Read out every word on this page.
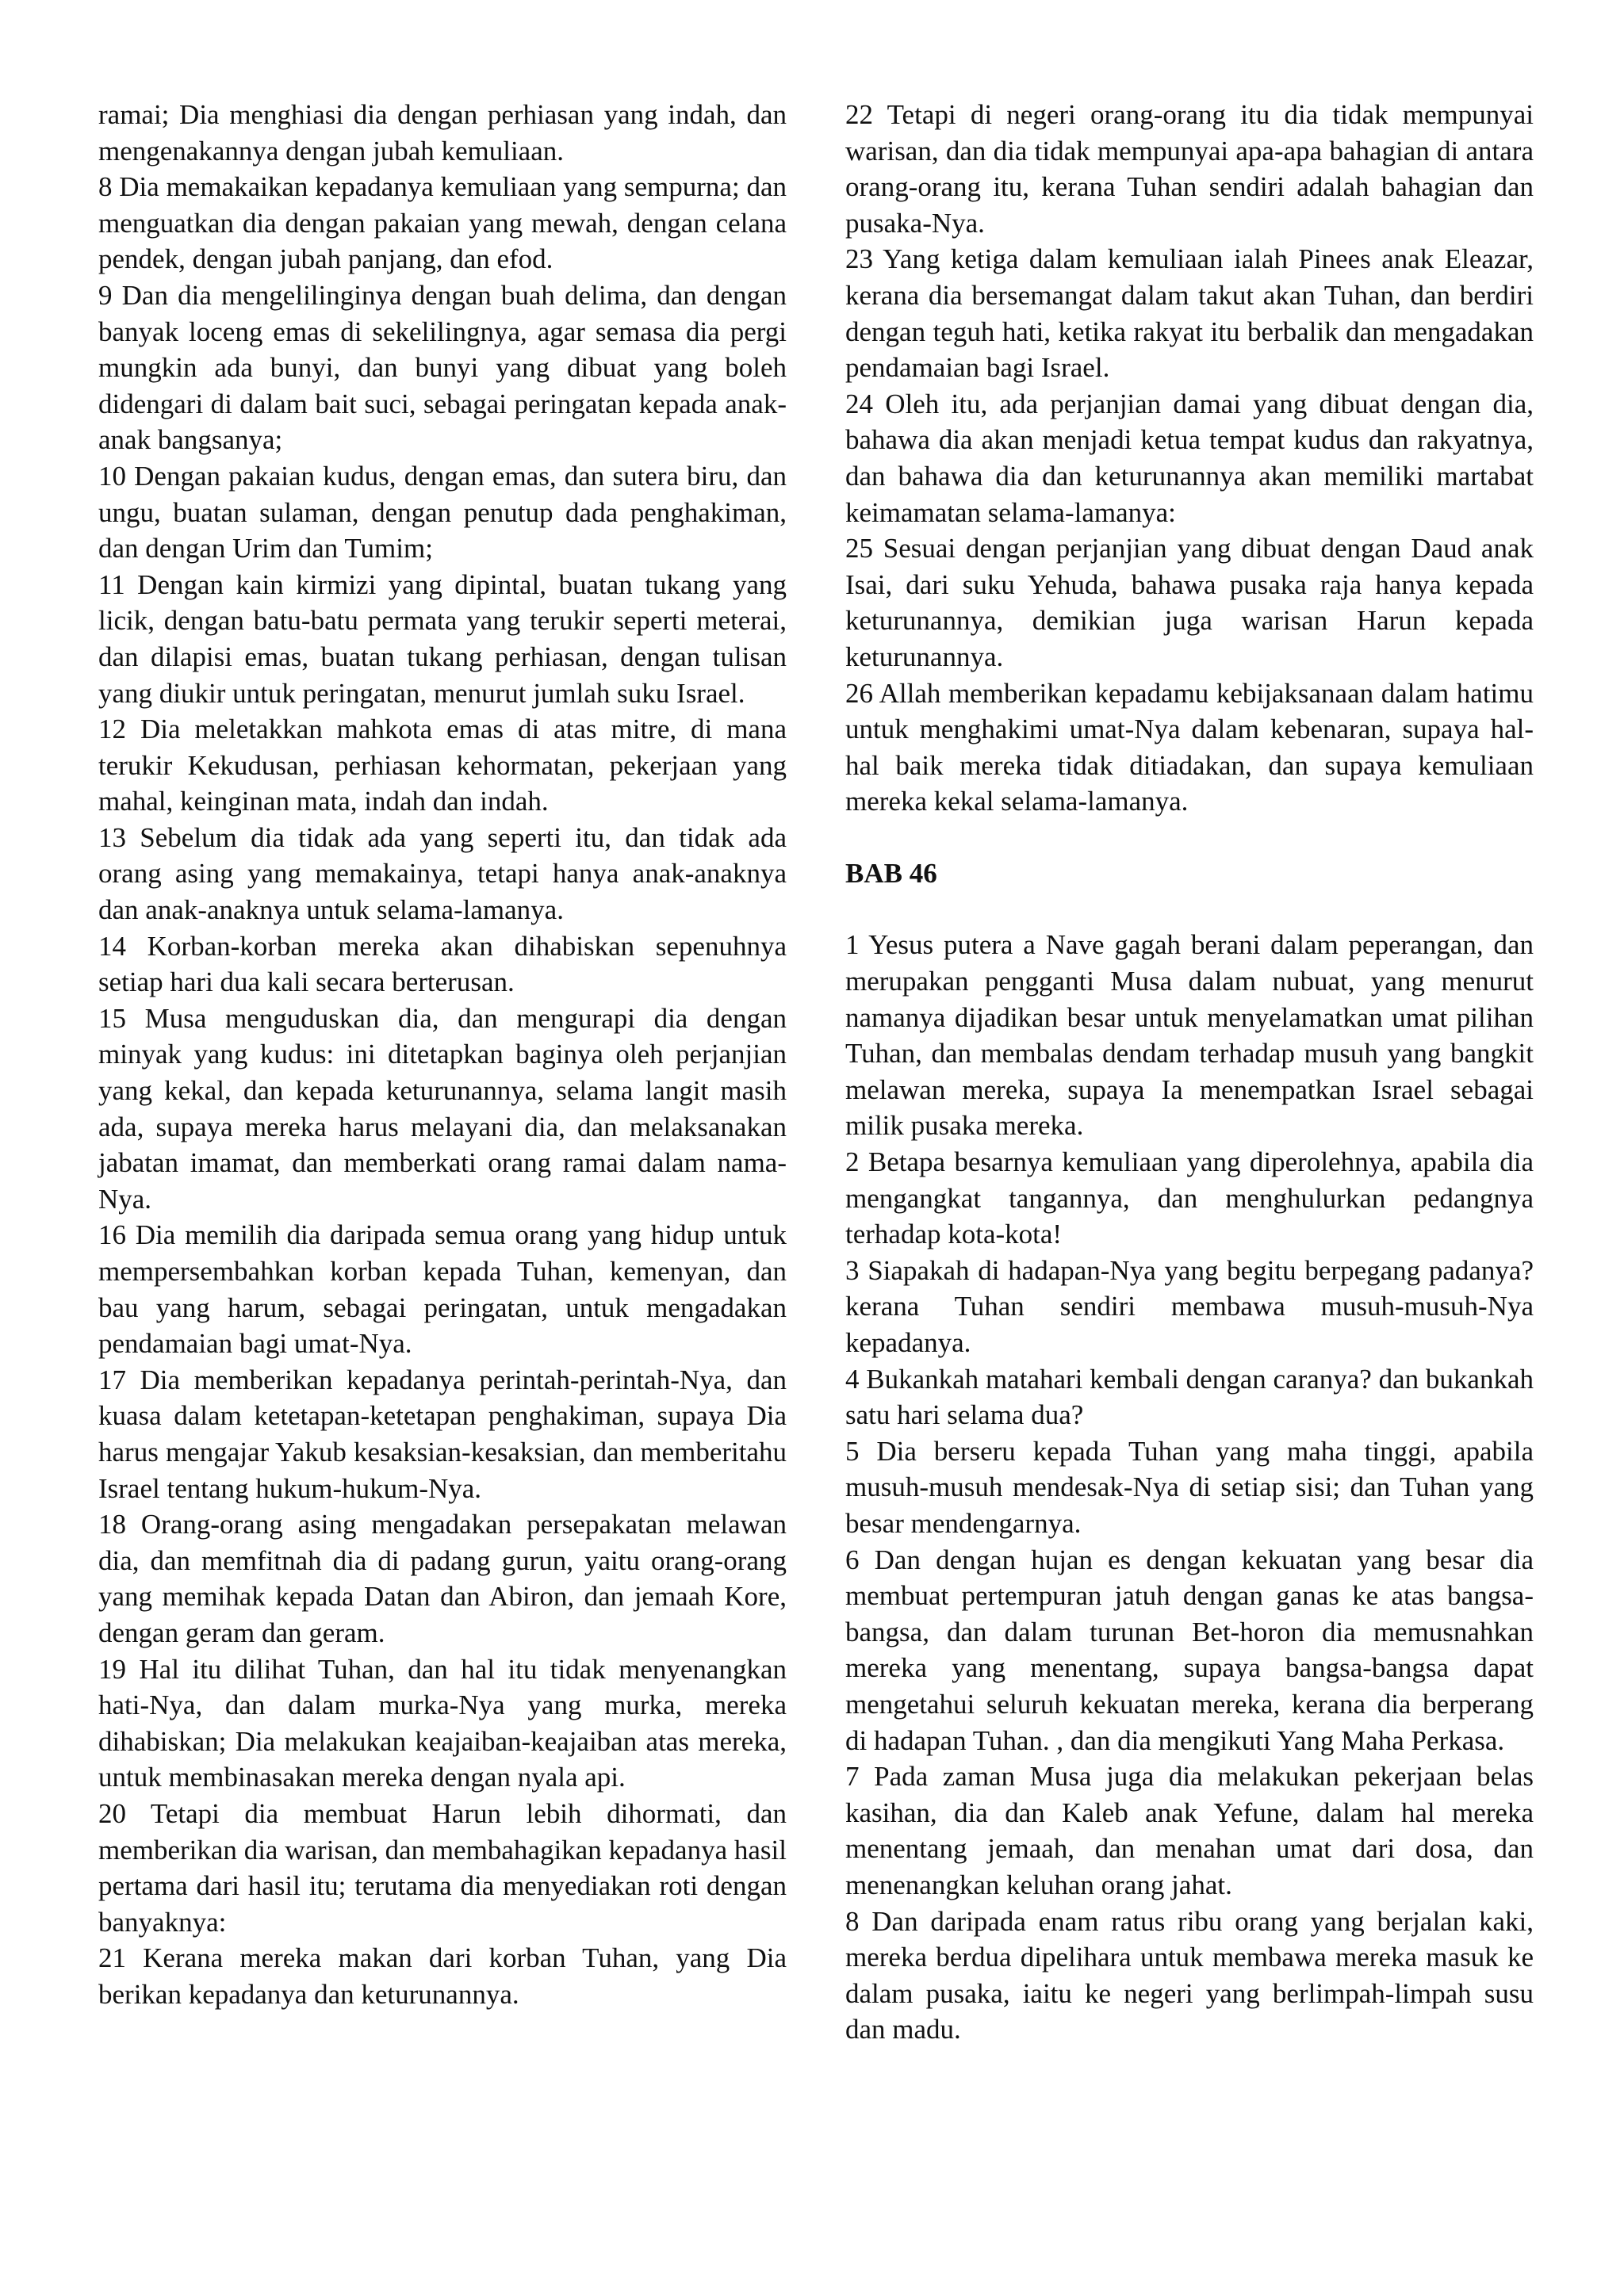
ramai; Dia menghiasi dia dengan perhiasan yang indah, dan mengenakannya dengan jubah kemuliaan.

8 Dia memakaikan kepadanya kemuliaan yang sempurna; dan menguatkan dia dengan pakaian yang mewah, dengan celana pendek, dengan jubah panjang, dan efod.

9 Dan dia mengelilinginya dengan buah delima, dan dengan banyak loceng emas di sekelilingnya, agar semasa dia pergi mungkin ada bunyi, dan bunyi yang dibuat yang boleh didengari di dalam bait suci, sebagai peringatan kepada anak-anak bangsanya;

10 Dengan pakaian kudus, dengan emas, dan sutera biru, dan ungu, buatan sulaman, dengan penutup dada penghakiman, dan dengan Urim dan Tumim;

11 Dengan kain kirmizi yang dipintal, buatan tukang yang licik, dengan batu-batu permata yang terukir seperti meterai, dan dilapisi emas, buatan tukang perhiasan, dengan tulisan yang diukir untuk peringatan, menurut jumlah suku Israel.

12 Dia meletakkan mahkota emas di atas mitre, di mana terukir Kekudusan, perhiasan kehormatan, pekerjaan yang mahal, keinginan mata, indah dan indah.

13 Sebelum dia tidak ada yang seperti itu, dan tidak ada orang asing yang memakainya, tetapi hanya anak-anaknya dan anak-anaknya untuk selama-lamanya.

14 Korban-korban mereka akan dihabiskan sepenuhnya setiap hari dua kali secara berterusan.

15 Musa menguduskan dia, dan mengurapi dia dengan minyak yang kudus: ini ditetapkan baginya oleh perjanjian yang kekal, dan kepada keturunannya, selama langit masih ada, supaya mereka harus melayani dia, dan melaksanakan jabatan imamat, dan memberkati orang ramai dalam nama-Nya.

16 Dia memilih dia daripada semua orang yang hidup untuk mempersembahkan korban kepada Tuhan, kemenyan, dan bau yang harum, sebagai peringatan, untuk mengadakan pendamaian bagi umat-Nya.

17 Dia memberikan kepadanya perintah-perintah-Nya, dan kuasa dalam ketetapan-ketetapan penghakiman, supaya Dia harus mengajar Yakub kesaksian-kesaksian, dan memberitahu Israel tentang hukum-hukum-Nya.

18 Orang-orang asing mengadakan persepakatan melawan dia, dan memfitnah dia di padang gurun, yaitu orang-orang yang memihak kepada Datan dan Abiron, dan jemaah Kore, dengan geram dan geram.

19 Hal itu dilihat Tuhan, dan hal itu tidak menyenangkan hati-Nya, dan dalam murka-Nya yang murka, mereka dihabiskan; Dia melakukan keajaiban-keajaiban atas mereka, untuk membinasakan mereka dengan nyala api.

20 Tetapi dia membuat Harun lebih dihormati, dan memberikan dia warisan, dan membahagikan kepadanya hasil pertama dari hasil itu; terutama dia menyediakan roti dengan banyaknya:

21 Kerana mereka makan dari korban Tuhan, yang Dia berikan kepadanya dan keturunannya.

22 Tetapi di negeri orang-orang itu dia tidak mempunyai warisan, dan dia tidak mempunyai apa-apa bahagian di antara orang-orang itu, kerana Tuhan sendiri adalah bahagian dan pusaka-Nya.

23 Yang ketiga dalam kemuliaan ialah Pinees anak Eleazar, kerana dia bersemangat dalam takut akan Tuhan, dan berdiri dengan teguh hati, ketika rakyat itu berbalik dan mengadakan pendamaian bagi Israel.

24 Oleh itu, ada perjanjian damai yang dibuat dengan dia, bahawa dia akan menjadi ketua tempat kudus dan rakyatnya, dan bahawa dia dan keturunannya akan memiliki martabat keimamatan selama-lamanya:

25 Sesuai dengan perjanjian yang dibuat dengan Daud anak Isai, dari suku Yehuda, bahawa pusaka raja hanya kepada keturunannya, demikian juga warisan Harun kepada keturunannya.

26 Allah memberikan kepadamu kebijaksanaan dalam hatimu untuk menghakimi umat-Nya dalam kebenaran, supaya hal-hal baik mereka tidak ditiadakan, dan supaya kemuliaan mereka kekal selama-lamanya.

BAB 46

1 Yesus putera a Nave gagah berani dalam peperangan, dan merupakan pengganti Musa dalam nubuat, yang menurut namanya dijadikan besar untuk menyelamatkan umat pilihan Tuhan, dan membalas dendam terhadap musuh yang bangkit melawan mereka, supaya Ia menempatkan Israel sebagai milik pusaka mereka.

2 Betapa besarnya kemuliaan yang diperolehnya, apabila dia mengangkat tangannya, dan menghulurkan pedangnya terhadap kota-kota!

3 Siapakah di hadapan-Nya yang begitu berpegang padanya? kerana Tuhan sendiri membawa musuh-musuh-Nya kepadanya.

4 Bukankah matahari kembali dengan caranya? dan bukankah satu hari selama dua?

5 Dia berseru kepada Tuhan yang maha tinggi, apabila musuh-musuh mendesak-Nya di setiap sisi; dan Tuhan yang besar mendengarnya.

6 Dan dengan hujan es dengan kekuatan yang besar dia membuat pertempuran jatuh dengan ganas ke atas bangsa-bangsa, dan dalam turunan Bet-horon dia memusnahkan mereka yang menentang, supaya bangsa-bangsa dapat mengetahui seluruh kekuatan mereka, kerana dia berperang di hadapan Tuhan. , dan dia mengikuti Yang Maha Perkasa.

7 Pada zaman Musa juga dia melakukan pekerjaan belas kasihan, dia dan Kaleb anak Yefune, dalam hal mereka menentang jemaah, dan menahan umat dari dosa, dan menenangkan keluhan orang jahat.

8 Dan daripada enam ratus ribu orang yang berjalan kaki, mereka berdua dipelihara untuk membawa mereka masuk ke dalam pusaka, iaitu ke negeri yang berlimpah-limpah susu dan madu.
